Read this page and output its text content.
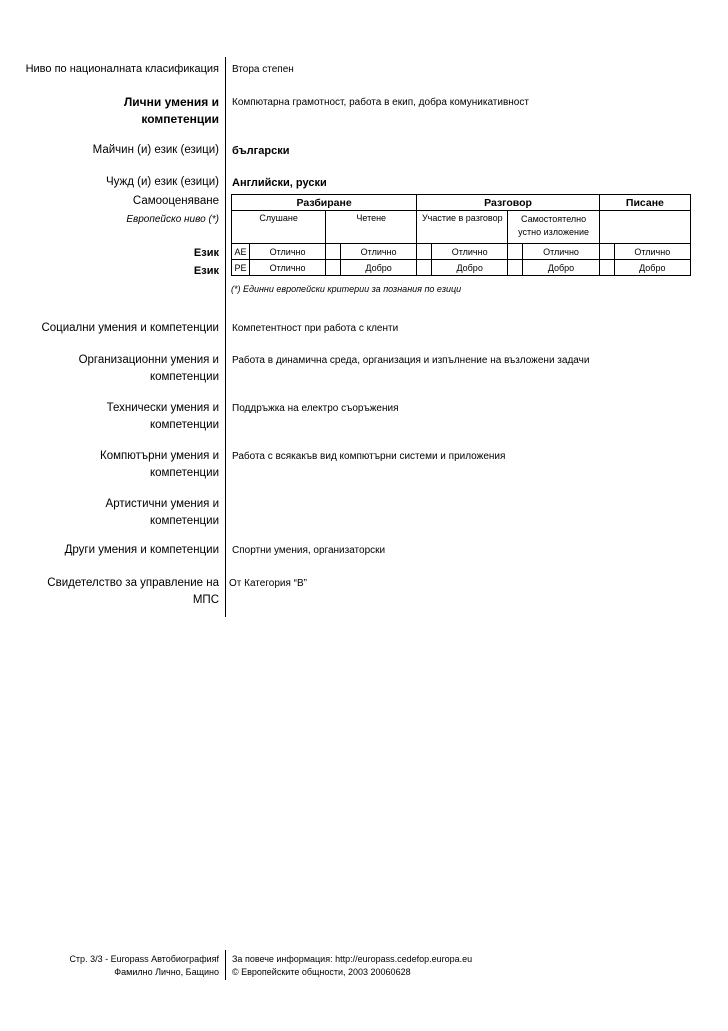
Ниво по националната класификация Втора степен
Лични умения и
компетенции
Компютарна грамотност, работа в екип, добра комуникативност
Майчин (и) език (езици) български
Чужд (и) език (езици) Английски, руски
Самооценяване
Европейско ниво (*)
Език
Език
Разбиране				Разговор				Писане	
Слушане		Четене		Участие в разговор		Самостоятелно
устно изложение			

АЕ	Отлично		Отлично		Отлично		Отлично		Отлично
РЕ	Отлично		Добро		Добро		Добро		Добро
(*) Единни европейски критерии за познания по езици
Социални умения и компетенции Компетентност при работа с кленти
Организационни умения и
компетенции
Работа в динамична среда, организация и изпълнение на възложени задачи
Технически умения и
компетенции
Поддръжка на електро съоръжения
Компютърни умения и
компетенции
Работа с всякакъв вид компютърни системи и приложения
Артистични умения и
компетенции
Други умения и компетенции Спортни умения, организаторски
Свидетелство за управление на
МПС
От Категория “В”
Стр. 3/3 - Europass Автобиографияf
Фамилно Лично, Бащино
За повече информация: http://europass.cedefop.europa.eu
© Европейските общности, 2003 20060628
